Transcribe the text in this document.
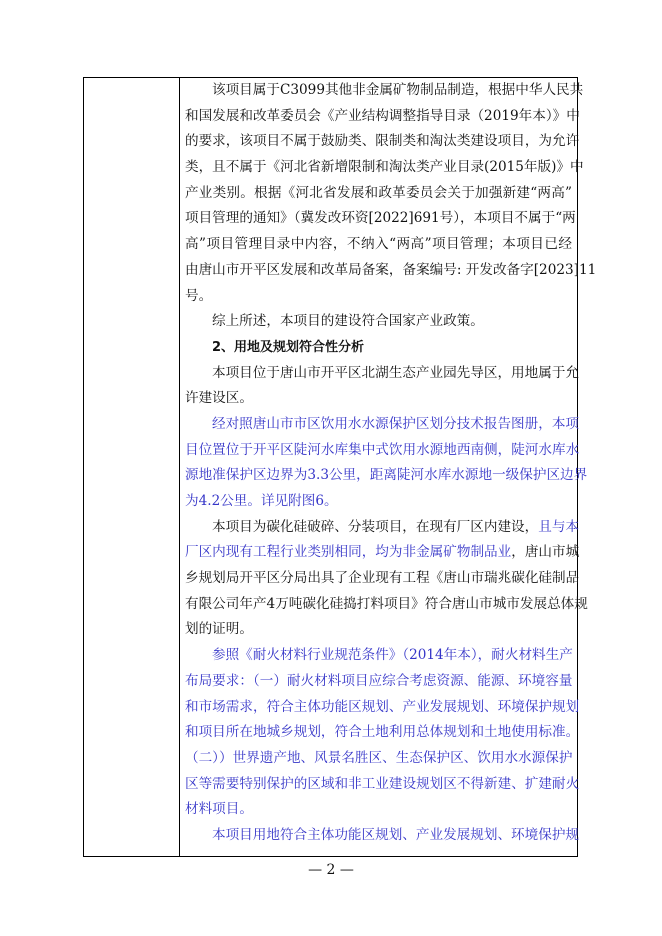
该项目属于C3099其他非金属矿物制品制造，根据中华人民共
和国发展和改革委员会《产业结构调整指导目录（2019年本）》中
的要求，该项目不属于鼓励类、限制类和淘汰类建设项目，为允许
类，且不属于《河北省新增限制和淘汰类产业目录(2015年版)》中
产业类别。根据《河北省发展和政革委员会关于加强新建“两高”
项目管理的通知》（冀发改环资[2022]691号），本项目不属于“两
高”项目管理目录中内容，不纳入“两高”项目管理；本项目已经
由唐山市开平区发展和改革局备案，备案编号: 开发改备字[2023]11
号。
综上所述，本项目的建设符合国家产业政策。
2、用地及规划符合性分析
本项目位于唐山市开平区北湖生态产业园先导区，用地属于允
许建设区。
经对照唐山市市区饮用水水源保护区划分技术报告图册，本项
目位置位于开平区陡河水库集中式饮用水源地西南侧，陡河水库水
源地准保护区边界为3.3公里，距离陡河水库水源地一级保护区边界
为4.2公里。详见附图6。
本项目为碳化硅破碎、分装项目，在现有厂区内建设，且与本
厂区内现有工程行业类别相同，均为非金属矿物制品业，唐山市城
乡规划局开平区分局出具了企业现有工程《唐山市瑞兆碳化硅制品
有限公司年产4万吨碳化硅捣打料项目》符合唐山市城市发展总体规
划的证明。
参照《耐火材料行业规范条件》（2014年本），耐火材料生产
布局要求：（一）耐火材料项目应综合考虑资源、能源、环境容量
和市场需求，符合主体功能区规划、产业发展规划、环境保护规划
和项目所在地城乡规划，符合土地利用总体规划和土地使用标准。
（二））世界遗产地、风景名胜区、生态保护区、饮用水水源保护
区等需要特别保护的区域和非工业建设规划区不得新建、扩建耐火
材料项目。
本项目用地符合主体功能区规划、产业发展规划、环境保护规
— 2 —
